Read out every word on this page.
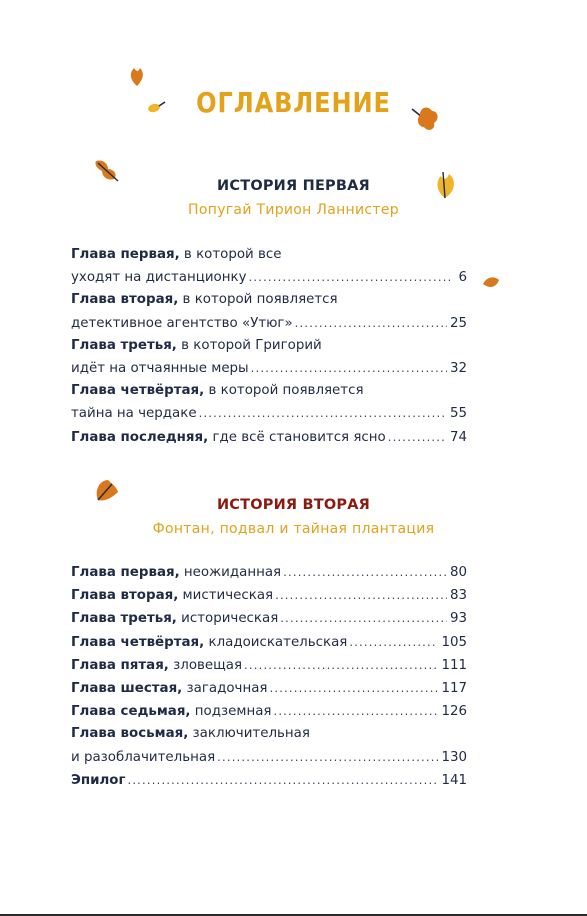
ОГЛАВЛЕНИЕ
ИСТОРИЯ ПЕРВАЯ
Попугай Тирион Ланнистер
Глава первая, в которой все
уходят на дистанционку .....	6
Глава вторая, в которой появляется
детективное агентство «Утюг» .....	25
Глава третья, в которой Григорий
идёт на отчаянные меры .....	32
Глава четвёртая, в которой появляется
тайна на чердаке .....	55
Глава последняя, где всё становится ясно .....	74
ИСТОРИЯ ВТОРАЯ
Фонтан, подвал и тайная плантация
Глава первая, неожиданная .....	80
Глава вторая, мистическая .....	83
Глава третья, историческая .....	93
Глава четвёртая, кладоискательская .....	105
Глава пятая, зловещая .....	111
Глава шестая, загадочная .....	117
Глава седьмая, подземная .....	126
Глава восьмая, заключительная
и разоблачительная .....	130
Эпилог .....	141
